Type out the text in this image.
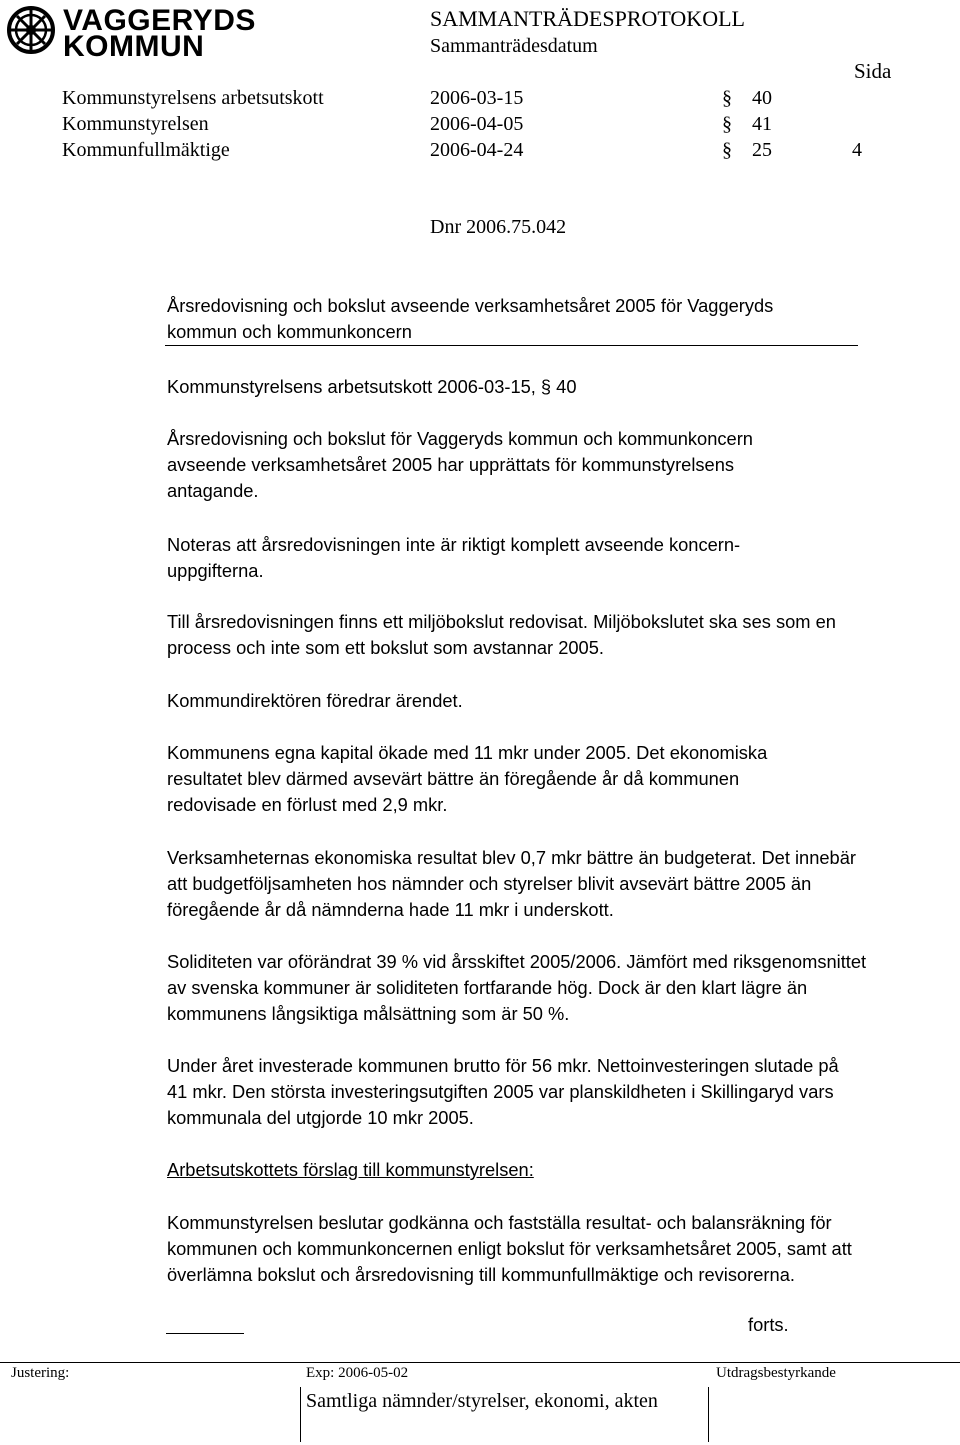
VAGGERYDS
KOMMUN
SAMMANTRÄDESPROTOKOLL
Sammanträdesdatum
Sida
Kommunstyrelsens arbetsutskott	2006-03-15	§ 40
Kommunstyrelsen	2006-04-05	§ 41
Kommunfullmäktige	2006-04-24	§ 25	4
Dnr 2006.75.042

Årsredovisning och bokslut avseende verksamhetsåret 2005 för Vaggeryds

kommun och kommunkoncern

Kommunstyrelsens arbetsutskott 2006-03-15, § 40
Årsredovisning och bokslut för Vaggeryds kommun och kommunkoncern avseende verksamhetsåret 2005 har upprättats för kommunstyrelsens antagande.
Noteras att årsredovisningen inte är riktigt komplett avseende koncern-uppgifterna.
Till årsredovisningen finns ett miljöbokslut redovisat. Miljöbokslutet ska ses som en process och inte som ett bokslut som avstannar 2005.
Kommundirektören föredrar ärendet.
Kommunens egna kapital ökade med 11 mkr under 2005. Det ekonomiska resultatet blev därmed avsevärt bättre än föregående år då kommunen redovisade en förlust med 2,9 mkr.
Verksamheternas ekonomiska resultat blev 0,7 mkr bättre än budgeterat. Det innebär att budgetföljsamheten hos nämnder och styrelser blivit avsevärt bättre 2005 än föregående år då nämnderna hade 11 mkr i underskott.
Soliditeten var oförändrat 39 % vid årsskiftet 2005/2006. Jämfört med riksgenomsnittet av svenska kommuner är soliditeten fortfarande hög. Dock är den klart lägre än kommunens långsiktiga målsättning som är 50 %.
Under året investerade kommunen brutto för 56 mkr. Nettoinvesteringen slutade på 41 mkr. Den största investeringsutgiften 2005 var planskildheten i Skillingaryd vars kommunala del utgjorde 10 mkr 2005.
Arbetsutskottets förslag till kommunstyrelsen:
Kommunstyrelsen beslutar godkänna och fastställa resultat- och balansräkning för kommunen och kommunkoncernen enligt bokslut för verksamhetsåret 2005, samt att överlämna bokslut och årsredovisning till kommunfullmäktige och revisorerna.
forts.
Justering:	Exp: 2006-05-02	Utdragsbestyrkande
Samtliga nämnder/styrelser, ekonomi, akten
